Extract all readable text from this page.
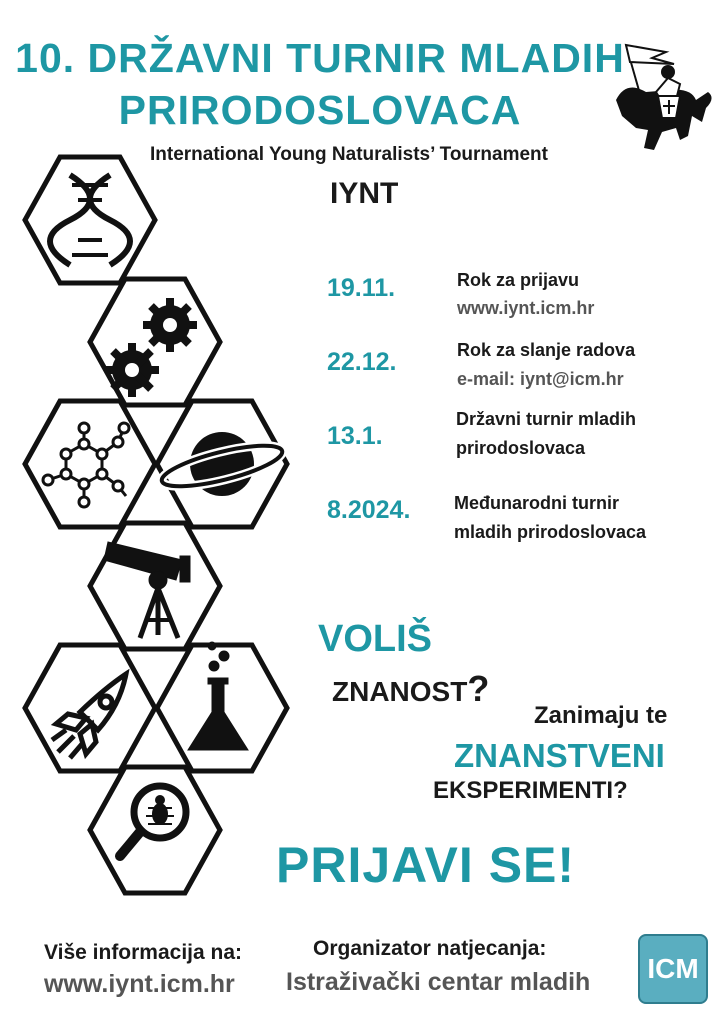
10. DRŽAVNI TURNIR MLADIH
PRIRODOSLOVACA
International Young Naturalists’ Tournament
IYNT
19.11.	Rok za prijavu
www.iynt.icm.hr
22.12.	Rok za slanje radova
e-mail: iynt@icm.hr
13.1.
Državni turnir mladih
prirodoslovaca
8.2024. Međunarodni turnir
mladih prirodoslovaca
VOLIŠ
ZNANOST?
Zanimaju te
ZNANSTVENI
EKSPERIMENTI?
PRIJAVI SE!
Više informacija na:
www.iynt.icm.hr
Organizator natjecanja:
Istraživački centar mladih ICM
